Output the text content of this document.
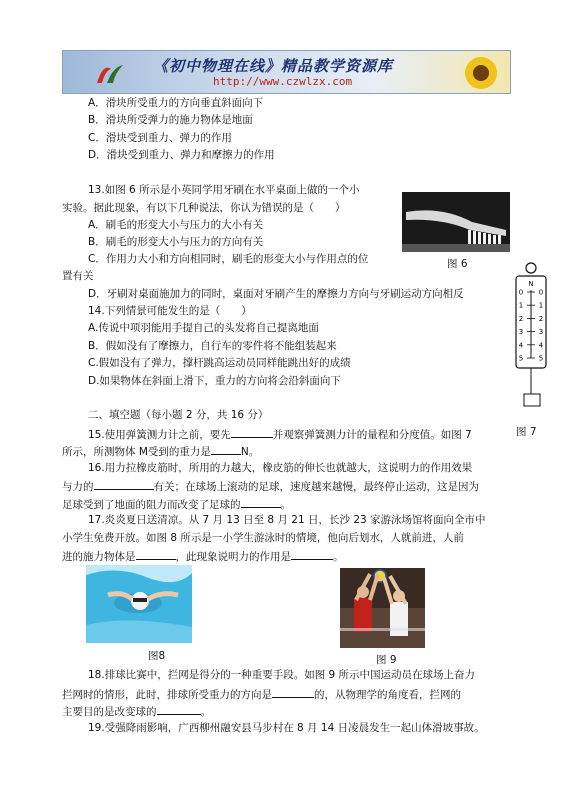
《初中物理在线》精品教学资源库
http://www.czwlzx.com
A．滑块所受重力的方向垂直斜面向下
B．滑块所受弹力的施力物体是地面
C．滑块受到重力、弹力的作用
D．滑块受到重力、弹力和摩擦力的作用
13.如图 6 所示是小英同学用牙刷在水平桌面上做的一个小
实验。据此现象，有以下几种说法，你认为错误的是（　　）
A．刷毛的形变大小与压力的大小有关
B．刷毛的形变大小与压力的方向有关
C．作用力大小和方向相同时，刷毛的形变大小与作用点的位
置有关
D．牙刷对桌面施加力的同时，桌面对牙刷产生的摩擦力方向与牙刷运动方向相反
图 6
N
0 0
1 1
2 2
3 3
4 4
5 5
图 7
14.下列情景可能发生的是（　　）
A.传说中项羽能用手提自己的头发将自己提离地面
B．假如没有了摩擦力，自行车的零件将不能组装起来
C.假如没有了弹力，撑杆跳高运动员同样能跳出好的成绩
D.如果物体在斜面上滑下，重力的方向将会沿斜面向下
二、填空题（每小题 2 分，共 16 分）
15.使用弹簧测力计之前，要先	并观察弹簧测力计的量程和分度值。如图 7
所示，所测物体 M受到的重力是	N。
16.用力拉橡皮筋时，所用的力越大，橡皮筋的伸长也就越大，这说明力的作用效果
与力的	有关；在球场上滚动的足球，速度越来越慢，最终停止运动，这是因为
足球受到了地面的阻力而改变了足球的	。
17.炎炎夏日送清凉。从 7 月 13 日至 8 月 21 日，长沙 23 家游泳场馆将面向全市中
小学生免费开放。如图 8 所示是一小学生游泳时的情境，他向后划水，人就前进，人前
进的施力物体是	，此现象说明力的作用是	。
图8	图 9
18.排球比赛中，拦网是得分的一种重要手段。如图 9 所示中国运动员在球场上奋力
拦网时的情形，此时，排球所受重力的方向是	的，从物理学的角度看，拦网的
主要目的是改变球的	。
19.受强降雨影响，广西柳州融安县马步村在 8 月 14 日凌晨发生一起山体滑坡事故。
